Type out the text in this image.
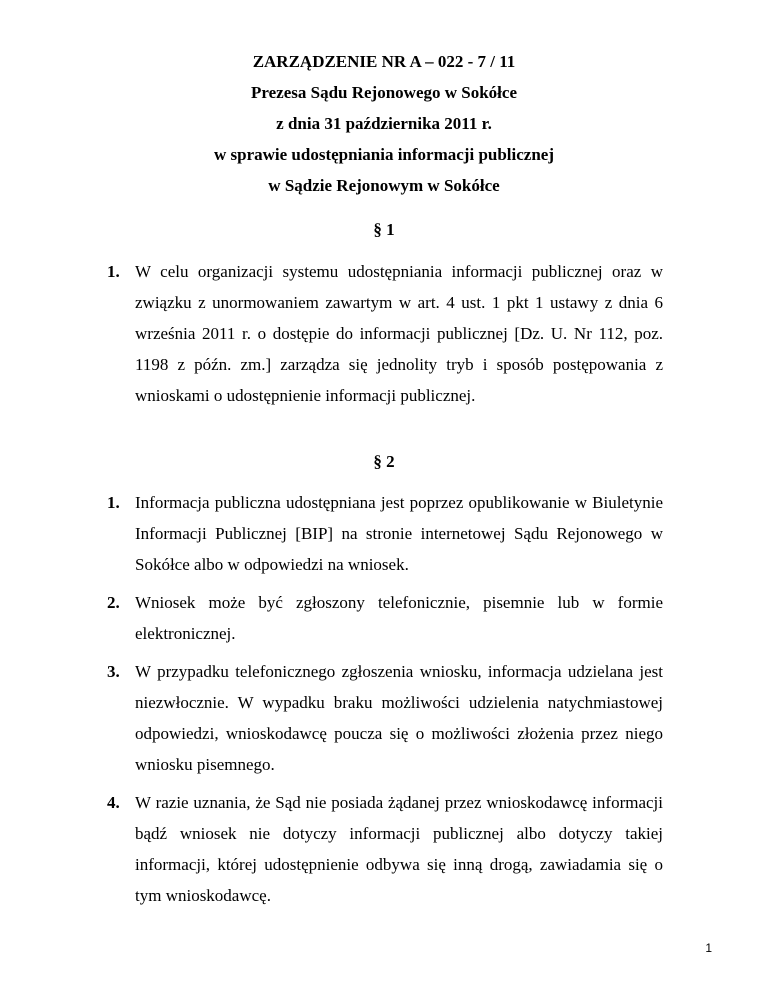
ZARZĄDZENIE NR A – 022 - 7 / 11
Prezesa Sądu Rejonowego w Sokółce
z dnia 31 października 2011 r.
w sprawie udostępniania informacji publicznej
w Sądzie Rejonowym w Sokółce
§ 1
1. W celu organizacji systemu udostępniania informacji publicznej oraz w związku z unormowaniem zawartym w art. 4 ust. 1 pkt 1 ustawy z dnia 6 września 2011 r. o dostępie do informacji publicznej [Dz. U. Nr 112, poz. 1198 z późn. zm.] zarządza się jednolity tryb i sposób postępowania z wnioskami o udostępnienie informacji publicznej.
§ 2
1. Informacja publiczna udostępniana jest poprzez opublikowanie w Biuletynie Informacji Publicznej [BIP] na stronie internetowej Sądu Rejonowego w Sokółce albo w odpowiedzi na wniosek.
2. Wniosek może być zgłoszony telefonicznie, pisemnie lub w formie elektronicznej.
3. W przypadku telefonicznego zgłoszenia wniosku, informacja udzielana jest niezwłocznie. W wypadku braku możliwości udzielenia natychmiastowej odpowiedzi, wnioskodawcę poucza się o możliwości złożenia przez niego wniosku pisemnego.
4. W razie uznania, że Sąd nie posiada żądanej przez wnioskodawcę informacji bądź wniosek nie dotyczy informacji publicznej albo dotyczy takiej informacji, której udostępnienie odbywa się inną drogą, zawiadamia się o tym wnioskodawcę.
1
